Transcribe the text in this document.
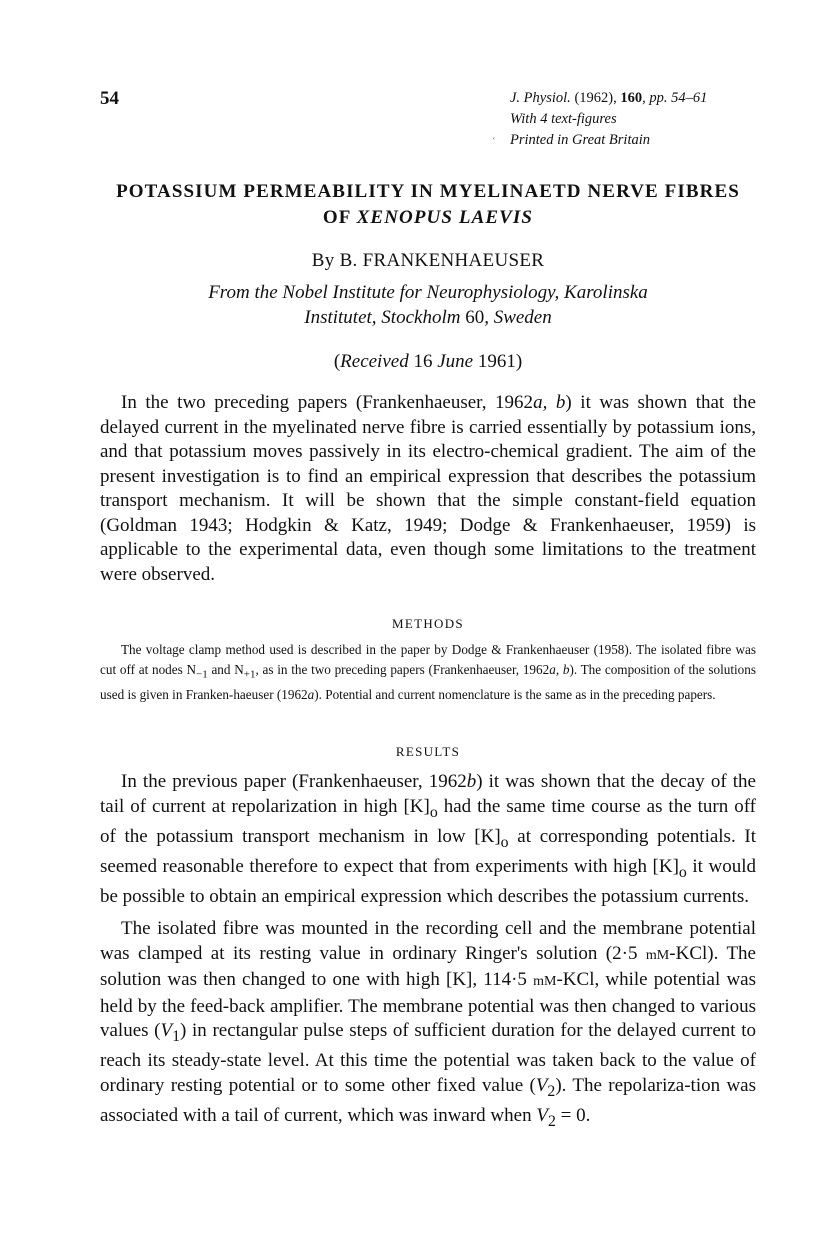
54
ʿ
J. Physiol. (1962), 160, pp. 54–61
With 4 text-figures
Printed in Great Britain
POTASSIUM PERMEABILITY IN MYELINAETD NERVE FIBRES
OF XENOPUS LAEVIS
By B. FRANKENHAEUSER
From the Nobel Institute for Neurophysiology, Karolinska
Institutet, Stockholm 60, Sweden
(Received 16 June 1961)

In the two preceding papers (Frankenhaeuser, 1962a, b) it was shown that the delayed current in the myelinated nerve fibre is carried essentially by potassium ions, and that potassium moves passively in its electro-chemical gradient. The aim of the present investigation is to find an empirical expression that describes the potassium transport mechanism. It will be shown that the simple constant-field equation (Goldman 1943; Hodgkin & Katz, 1949; Dodge & Frankenhaeuser, 1959) is applicable to the experimental data, even though some limitations to the treatment were observed.

METHODS

The voltage clamp method used is described in the paper by Dodge & Frankenhaeuser (1958). The isolated fibre was cut off at nodes $N_{-1}$ and $N_{+1}$, as in the two preceding papers (Frankenhaeuser, 1962a, b). The composition of the solutions used is given in Franken-haeuser (1962a). Potential and current nomenclature is the same as in the preceding papers.

RESULTS

In the previous paper (Frankenhaeuser, 1962b) it was shown that the decay of the tail of current at repolarization in high $[K]_o$ had the same time course as the turn off of the potassium transport mechanism in low $[K]_o$ at corresponding potentials. It seemed reasonable therefore to expect that from experiments with high $[K]_o$ it would be possible to obtain an empirical expression which describes the potassium currents.

The isolated fibre was mounted in the recording cell and the membrane potential was clamped at its resting value in ordinary Ringer's solution (2·5 mM-KCl). The solution was then changed to one with high [K], 114·5 mM-KCl, while potential was held by the feed-back amplifier. The membrane potential was then changed to various values $(V_1)$ in rectangular pulse steps of sufficient duration for the delayed current to reach its steady-state level. At this time the potential was taken back to the value of ordinary resting potential or to some other fixed value $(V_2)$. The repolariza-tion was associated with a tail of current, which was inward when $V_2 = 0$.
